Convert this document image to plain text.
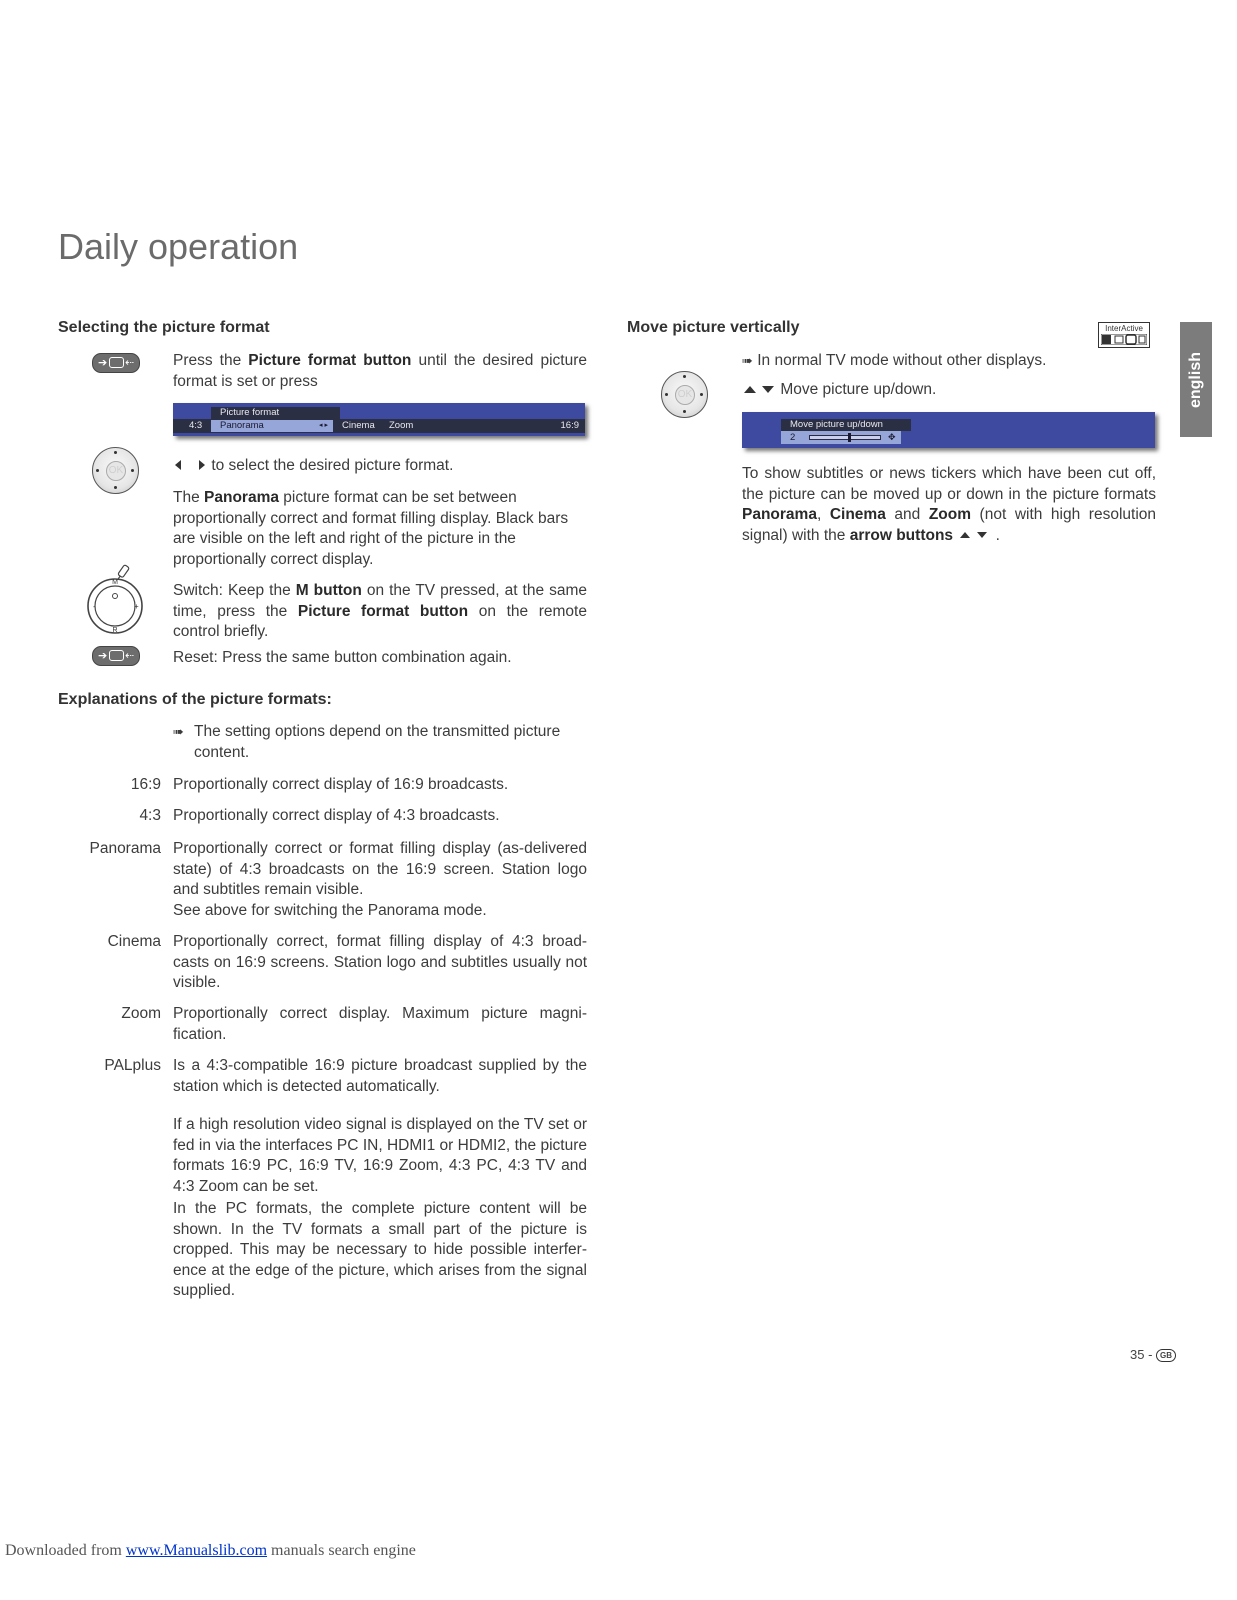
Daily operation
english
Selecting the picture format
➔ ⇠	Press the Picture format button until the desired picture format is set or press
Picture format
4:3	Panorama	◂ ▸ Cinema Zoom	16:9
OK	to select the desired picture format.
The Panorama picture format can be set between proportionally correct and format filling display. Black bars are visible on the left and right of the picture in the proportionally correct display.
M
R
-	+
Switch: Keep the M button on the TV pressed, at the same time, press the Picture format button on the remote control briefly.
➔ ⇠	Reset: Press the same button combination again.
Explanations of the picture formats:
➠ The setting options depend on the transmitted picture content.
16:9 Proportionally correct display of 16:9 broadcasts.
4:3 Proportionally correct display of 4:3 broadcasts.
Panorama Proportionally correct or format filling display (as-delivered state) of 4:3 broadcasts on the 16:9 screen. Station logo and subtitles remain visible.
See above for switching the Panorama mode.
Cinema Proportionally correct, format filling display of 4:3 broad-casts on 16:9 screens. Station logo and subtitles usually not visible.
Zoom Proportionally correct display. Maximum picture magni-fication.
PALplus Is a 4:3-compatible 16:9 picture broadcast supplied by the station which is detected automatically.
If a high resolution video signal is displayed on the TV set or fed in via the interfaces PC IN, HDMI1 or HDMI2, the picture formats 16:9 PC, 16:9 TV, 16:9 Zoom, 4:3 PC, 4:3 TV and 4:3 Zoom can be set.
In the PC formats, the complete picture content will be shown. In the TV formats a small part of the picture is cropped. This may be necessary to hide possible interfer-ence at the edge of the picture, which arises from the signal supplied.
Move picture vertically	InterActive
➠ In normal TV mode without other displays.
OK	Move picture up/down.
Move picture up/down
2	✥
To show subtitles or news tickers which have been cut off, the picture can be moved up or down in the picture formats Panorama, Cinema and Zoom (not with high resolution signal) with the arrow buttons  .
35 - GB
Downloaded from www.Manualslib.com manuals search engine
